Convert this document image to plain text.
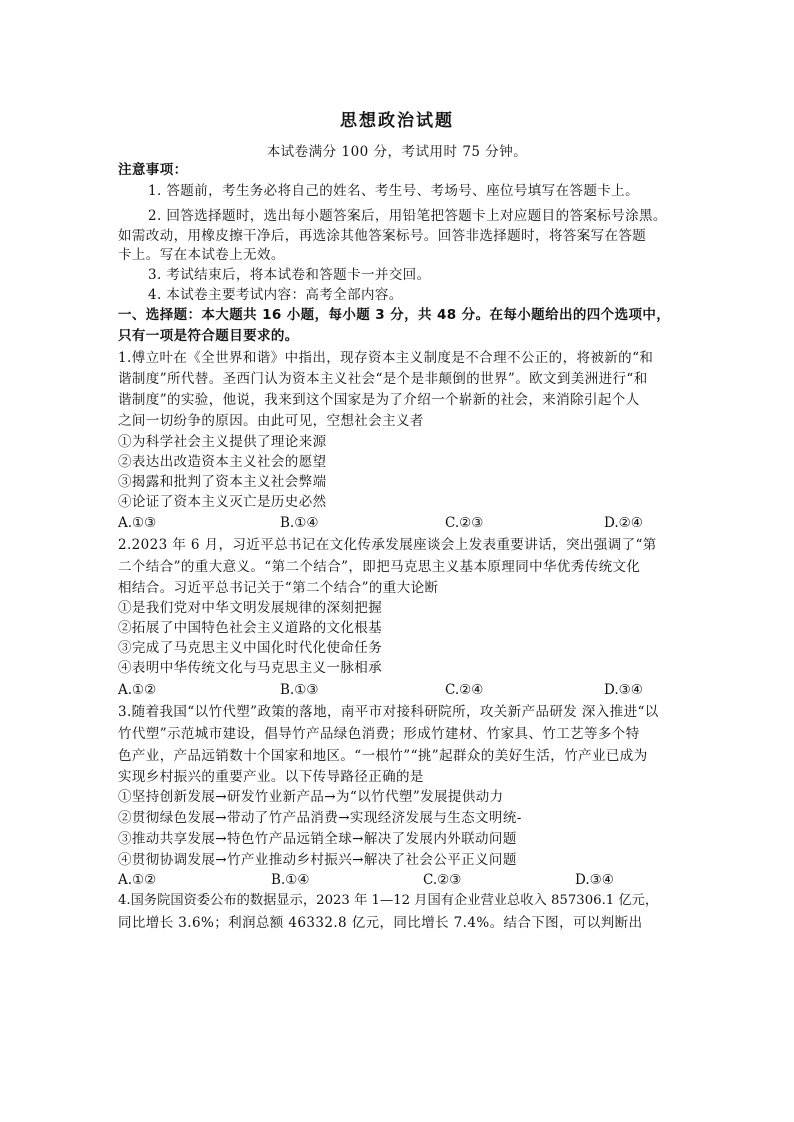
思想政治试题
本试卷满分 100 分，考试用时 75 分钟。
注意事项：
1. 答题前，考生务必将自己的姓名、考生号、考场号、座位号填写在答题卡上。
2. 回答选择题时，选出每小题答案后，用铅笔把答题卡上对应题目的答案标号涂黑。
如需改动，用橡皮擦干净后，再选涂其他答案标号。回答非选择题时，将答案写在答题
卡上。写在本试卷上无效。
3. 考试结束后，将本试卷和答题卡一并交回。
4. 本试卷主要考试内容：高考全部内容。
一、选择题：本大题共 16 小题，每小题 3 分，共 48 分。在每小题给出的四个选项中，
只有一项是符合题目要求的。
1.傅立叶在《全世界和谐》中指出，现存资本主义制度是不合理不公正的，将被新的“和
谐制度”所代替。圣西门认为资本主义社会“是个是非颠倒的世界”。欧文到美洲进行“和
谐制度”的实验，他说，我来到这个国家是为了介绍一个崭新的社会，来消除引起个人
之间一切纷争的原因。由此可见，空想社会主义者
①为科学社会主义提供了理论来源
②表达出改造资本主义社会的愿望
③揭露和批判了资本主义社会弊端
④论证了资本主义灭亡是历史必然
A.①③	B.①④	C.②③	D.②④
2.2023 年 6 月，习近平总书记在文化传承发展座谈会上发表重要讲话，突出强调了“第
二个结合”的重大意义。“第二个结合”，即把马克思主义基本原理同中华优秀传统文化
相结合。习近平总书记关于“第二个结合”的重大论断
①是我们党对中华文明发展规律的深刻把握
②拓展了中国特色社会主义道路的文化根基
③完成了马克思主义中国化时代化使命任务
④表明中华传统文化与马克思主义一脉相承
A.①②	B.①③	C.②④	D.③④
3.随着我国“以竹代塑”政策的落地，南平市对接科研院所，攻关新产品研发 深入推进“以
竹代塑”示范城市建设，倡导竹产品绿色消费；形成竹建材、竹家具、竹工艺等多个特
色产业，产品远销数十个国家和地区。“一根竹”“挑”起群众的美好生活，竹产业已成为
实现乡村振兴的重要产业。以下传导路径正确的是
①坚持创新发展→研发竹业新产品→为“以竹代塑”发展提供动力
②贯彻绿色发展→带动了竹产品消费→实现经济发展与生态文明统-
③推动共享发展→特色竹产品远销全球→解决了发展内外联动问题
④贯彻协调发展→竹产业推动乡村振兴→解决了社会公平正义问题
A.①②	B.①④	C.②③	D.③④
4.国务院国资委公布的数据显示，2023 年 1—12 月国有企业营业总收入 857306.1 亿元，
同比增长 3.6%；利润总额 46332.8 亿元，同比增长 7.4%。结合下图，可以判断出
